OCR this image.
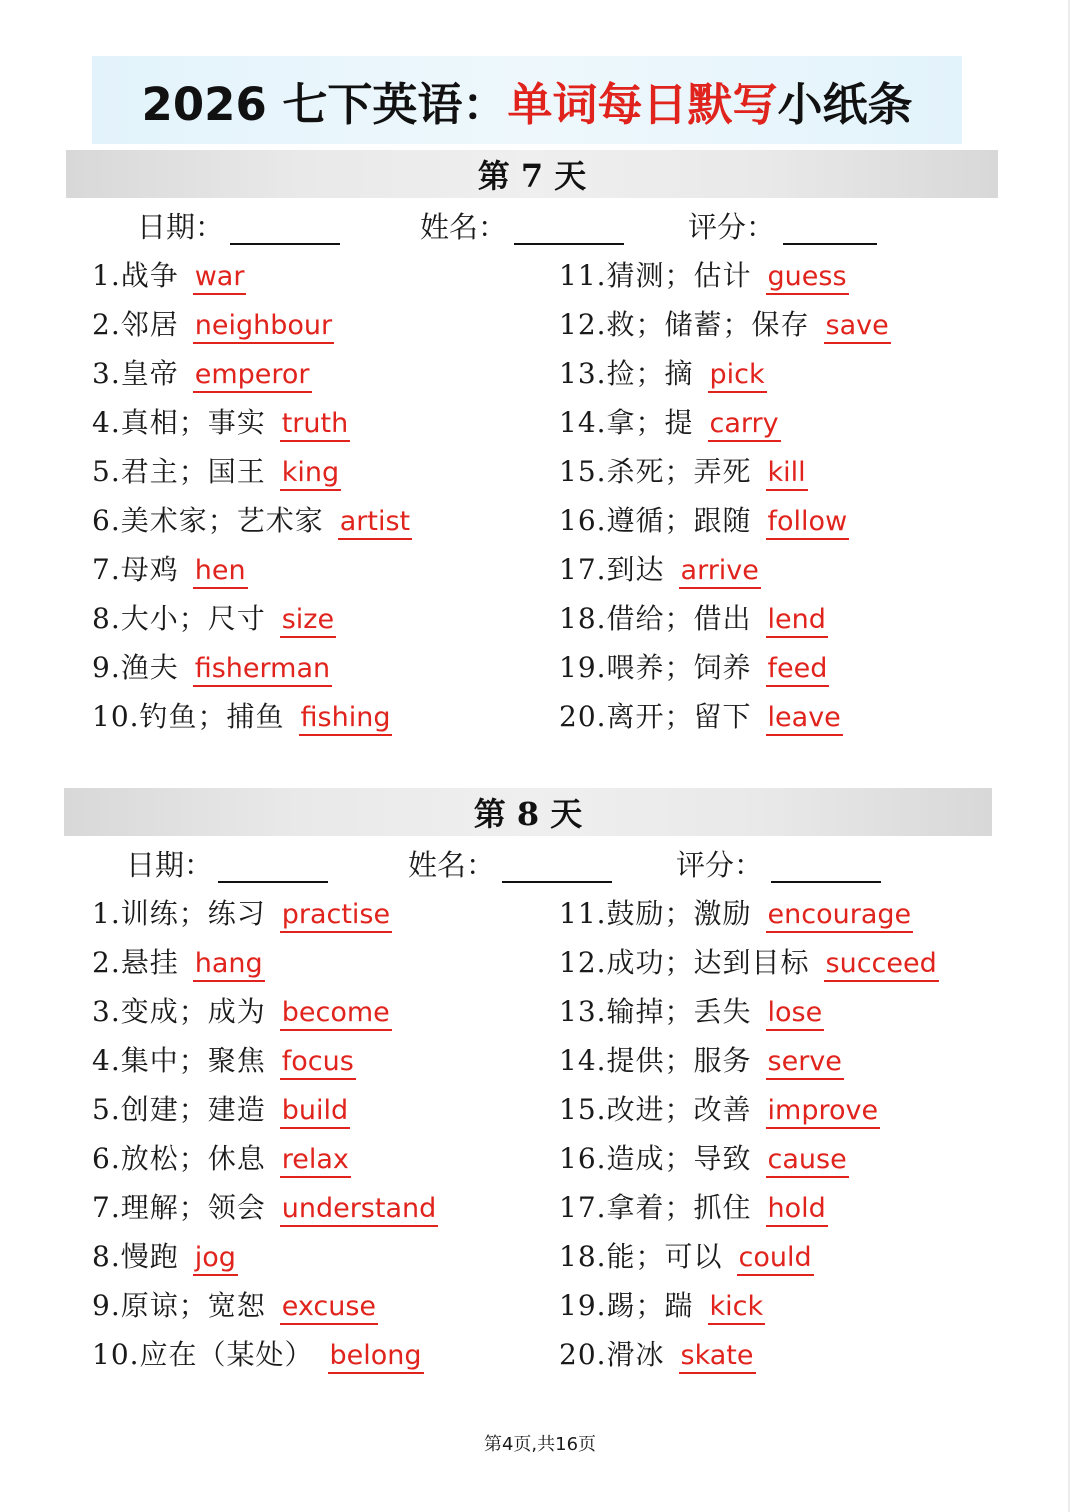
2026 七下英语： 单词每日默写 小纸条
第 7 天
日期：	姓名：	评分：
1.战争 war
2.邻居 neighbour
3.皇帝 emperor
4.真相；事实 truth
5.君主；国王 king
6.美术家；艺术家 artist
7.母鸡 hen
8.大小；尺寸 size
9.渔夫 fisherman
10.钓鱼；捕鱼 fishing
11.猜测；估计 guess
12.救；储蓄；保存 save
13.捡；摘 pick
14.拿；提 carry
15.杀死；弄死 kill
16.遵循；跟随 follow
17.到达 arrive
18.借给；借出 lend
19.喂养；饲养 feed
20.离开；留下 leave
第 8 天
日期：	姓名：	评分：
1.训练；练习 practise
2.悬挂 hang
3.变成；成为 become
4.集中；聚焦 focus
5.创建；建造 build
6.放松；休息 relax
7.理解；领会 understand
8.慢跑 jog
9.原谅；宽恕 excuse
10.应在（某处） belong
11.鼓励；激励 encourage
12.成功；达到目标 succeed
13.输掉；丢失 lose
14.提供；服务 serve
15.改进；改善 improve
16.造成；导致 cause
17.拿着；抓住 hold
18.能；可以 could
19.踢；踹 kick
20.滑冰 skate
第4页,共16页
